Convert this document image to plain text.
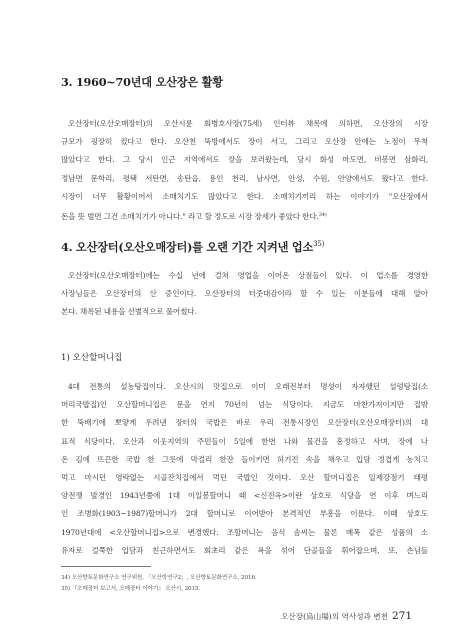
3. 1960~70년대 오산장은 활황
오산장터(오산오매장터)의 오산시륜 회병호사장(75세) 인터뷰 채록에 의하면, 오산장의 시장
규모가 굉장히 컸다고 한다. 오산천 뚝방에서도 장이 서고, 그리고 오산장 안에는 노점이 무척
많았다고 한다. 그 당시 인근 지역에서도 장을 보러왔는데, 당시 화성 마도면, 비봉면 삼화리,
정남면 문학리, 평택 서탄면, 송탄읍, 용인 천리, 남사면, 안성, 수원, 안양에서도 왔다고 한다.
시장이 너무 활황이어서 소매치기도 많았다고 한다. 소매치기끼리 하는 이야기가 "오산장에서
돈을 뜻 벌면 그건 소매치기가 아니다." 라고 할 정도로 시장 장세가 좋았다 한다.$^{34)}$
4. 오산장터(오산오매장터)를 오랜 기간 지켜낸 업소$^{35)}$
오산장터(오산오매장터)에는 수십 년에 걸쳐 영업을 이어온 상점들이 있다. 이 업소를 경영한
사장님들은 오산장터의 산 증인이다. 오산장터의 터줏대감이라 할 수 있는 이분들에 대해 알아
본다. 채록된 내용을 선별적으로 풀어썼다.
1) 오산할머니집
4대 전통의 설농탕집이다. 오산시의 맛집으로 이미 오래전부터 명성이 자자했던 설렁탕집(소
머리국밥집)인 오산할머니집은 문을 연지 70년이 넘는 식당이다. 지금도 마찬가지이지만 집밖
한 뚝배기에 뽀얗게 우려낸 장터의 국밥은 바로 우리 전통시장인 오산장터(오산오매장터)의 대
표적 식당이다. 오산과 이웃지역의 주민들이 5일에 한번 나와 물건을 흥정하고 사며, 장에 나
온 김에 뜨끈한 국밥 한 그릇에 막걸리 한잔 들이키면 허기진 속을 채우고 입담 정겹게 농치고
먹고 마시던 영락없는 시골잔치집에서 먹던 국밥인 것이다. 오산 할머니집은 일제강점기 태평
양전쟁 발경인 1943년쯤에 1대 이일봉할머니 때 <신진옥>이란 상호로 식당을 연 이후 며느리
인 조병화(1903~1987)할머니가 2대 할머니로 이어받아 본격적인 부흥을 이룬다. 이때 상호도
1970년대에 <오산할머니집>으로 변경했다. 조할머니는 음식 솜씨는 물론 매폭 같은 성품의 소
유자로 걸쭉한 입담과 친근하면서도 회초리 같은 욕을 섞어 단골들을 휘어잡으며, 또, 손님들
34) 오산향토문화연구소 연구위원, 「오산학연구2」, 오산향토문화연구소, 2016.
35) 『오매장터 보고서, 오매장터 이야기』 오산시, 2015.
오산장(烏山場)의 역사성과 변천 271
